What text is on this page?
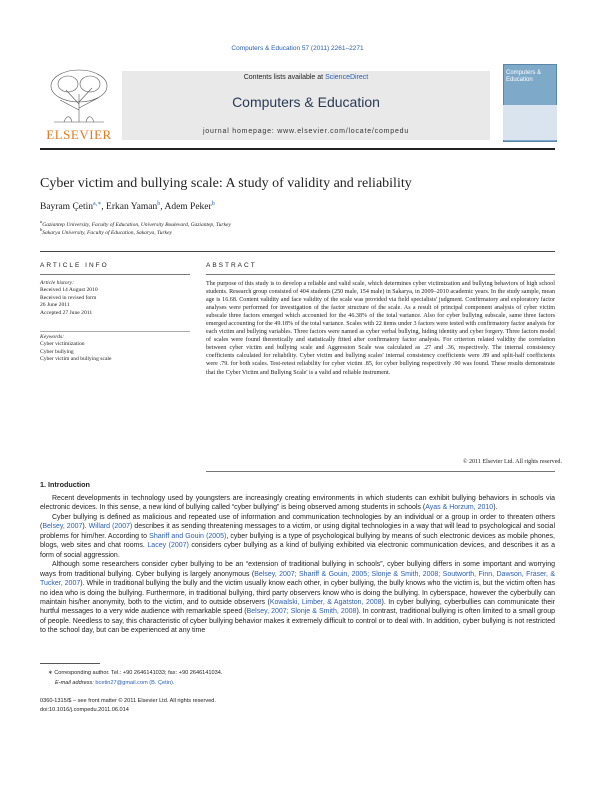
Computers & Education 57 (2011) 2261–2271
ELSEVIER
Contents lists available at ScienceDirect
Computers & Education
journal homepage: www.elsevier.com/locate/compedu
Computers & Education
Cyber victim and bullying scale: A study of validity and reliability
Bayram Çetin$^{a,∗}$, Erkan Yaman$^b$, Adem Peker$^b$
$^a$Gaziantep University, Faculty of Education, University Boulevard, Gaziantep, Turkey
$^b$Sakarya University, Faculty of Education, Sakarya, Turkey
ARTICLE INFO	ABSTRACT
Article history:
Received 14 August 2010
Received in revised form
26 June 2011
Accepted 27 June 2011
Keywords:
Cyber victimization
Cyber bullying
Cyber victim and bullying scale
The purpose of this study is to develop a reliable and valid scale, which determines cyber victimization and bullying behaviors of high school students. Research group consisted of 404 students (250 male, 154 male) in Sakarya, in 2009–2010 academic years. In the study sample, mean age is 16.68. Content validity and face validity of the scale was provided via field specialists' judgment. Confirmatory and exploratory factor analyses were performed for investigation of the factor structure of the scale. As a result of principal component analysis of cyber victim subscale three factors emerged which accounted for the 46.38% of the total variance. Also for cyber bullying subscale, same three factors emerged accounting for the 49.18% of the total variance. Scales with 22 items under 3 factors were tested with confirmatory factor analysis for each victim and bullying variables. Three factors were named as cyber verbal bullying, hiding identity and cyber forgery. Three factors model of scales were found theoretically and statistically fitted after confirmatory factor analysis. For criterion related validity the correlation between cyber victim and bullying scale and Aggression Scale was calculated as .27 and .36, respectively. The internal consistency coefficients calculated for reliability. Cyber victim and bullying scales' internal consistency coefficients were .89 and split-half coefficients were .79. for both scales. Test-retest reliability for cyber victim .85, for cyber bullying respectively .90 was found. These results demonstrate that the Cyber Victim and Bullying Scale' is a valid and reliable instrument.
© 2011 Elsevier Ltd. All rights reserved.
1. Introduction

Recent developments in technology used by youngsters are increasingly creating environments in which students can exhibit bullying behaviors in schools via electronic devices. In this sense, a new kind of bullying called “cyber bullying” is being observed among students in schools (Ayas & Horzum, 2010).

Cyber bullying is defined as malicious and repeated use of information and communication technologies by an individual or a group in order to threaten others (Belsey, 2007). Willard (2007) describes it as sending threatening messages to a victim, or using digital technologies in a way that will lead to psychological and social problems for him/her. According to Shariff and Gouin (2005), cyber bullying is a type of psychological bullying by means of such electronic devices as mobile phones, blogs, web sites and chat rooms. Lacey (2007) considers cyber bullying as a kind of bullying exhibited via electronic communication devices, and describes it as a form of social aggression.

Although some researchers consider cyber bullying to be an “extension of traditional bullying in schools”, cyber bullying differs in some important and worrying ways from traditional bullying. Cyber bullying is largely anonymous (Belsey, 2007; Shariff & Gouin, 2005; Slonje & Smith, 2008; Soutworth, Finn, Dawson, Fraser, & Tucker, 2007). While in traditional bullying the bully and the victim usually know each other, in cyber bullying, the bully knows who the victim is, but the victim often has no idea who is doing the bullying. Furthermore, in traditional bullying, third party observers know who is doing the bullying. In cyberspace, however the cyberbully can maintain his/her anonymity, both to the victim, and to outside observers (Kowalski, Limber, & Agatston, 2008). In cyber bullying, cyberbullies can communicate their hurtful messages to a very wide audience with remarkable speed (Belsey, 2007; Slonje & Smith, 2008). In contrast, traditional bullying is often limited to a small group of people. Needless to say, this characteristic of cyber bullying behavior makes it extremely difficult to control or to deal with. In addition, cyber bullying is not restricted to the school day, but can be experienced at any time

∗ Corresponding author. Tel.: +90 2646141033; fax: +90 2646141034.
E-mail address: bcetin27@gmail.com (B. Çetin).
0360-1315/$ – see front matter © 2011 Elsevier Ltd. All rights reserved.
doi:10.1016/j.compedu.2011.06.014
